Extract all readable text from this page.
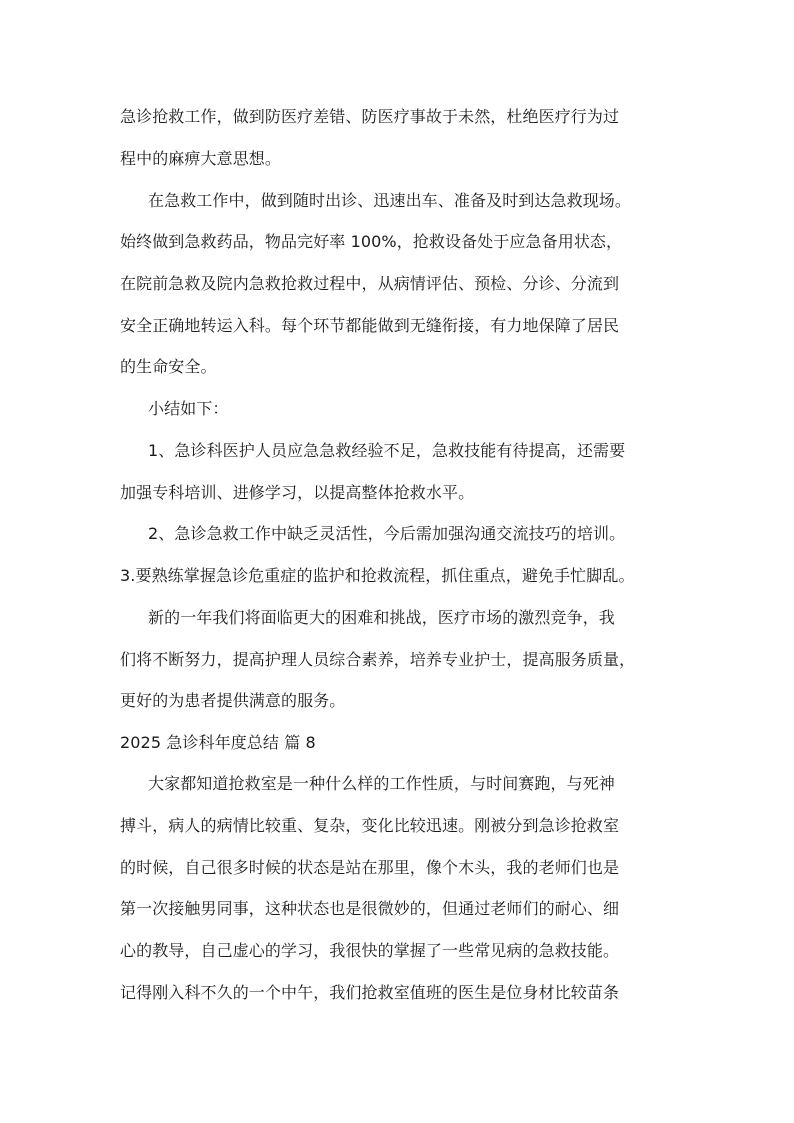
急诊抢救工作，做到防医疗差错、防医疗事故于未然，杜绝医疗行为过
程中的麻痹大意思想。
在急救工作中，做到随时出诊、迅速出车、准备及时到达急救现场。
始终做到急救药品，物品完好率 100%，抢救设备处于应急备用状态，
在院前急救及院内急救抢救过程中，从病情评估、预检、分诊、分流到
安全正确地转运入科。每个环节都能做到无缝衔接，有力地保障了居民
的生命安全。
小结如下：
1、急诊科医护人员应急急救经验不足，急救技能有待提高，还需要
加强专科培训、进修学习，以提高整体抢救水平。
2、急诊急救工作中缺乏灵活性，今后需加强沟通交流技巧的培训。
3.要熟练掌握急诊危重症的监护和抢救流程，抓住重点，避免手忙脚乱。
新的一年我们将面临更大的困难和挑战，医疗市场的激烈竞争，我
们将不断努力，提高护理人员综合素养，培养专业护士，提高服务质量，
更好的为患者提供满意的服务。
2025 急诊科年度总结 篇 8
大家都知道抢救室是一种什么样的工作性质，与时间赛跑，与死神
搏斗，病人的病情比较重、复杂，变化比较迅速。刚被分到急诊抢救室
的时候，自己很多时候的状态是站在那里，像个木头，我的老师们也是
第一次接触男同事，这种状态也是很微妙的，但通过老师们的耐心、细
心的教导，自己虚心的学习，我很快的掌握了一些常见病的急救技能。
记得刚入科不久的一个中午，我们抢救室值班的医生是位身材比较苗条
